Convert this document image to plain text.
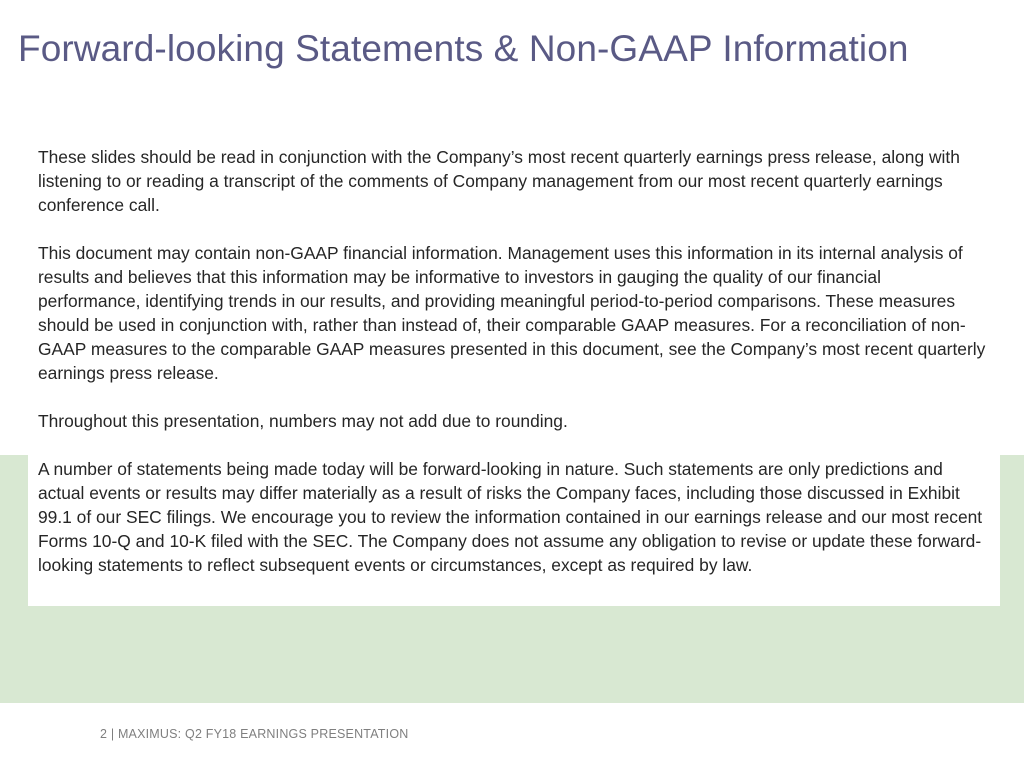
Forward-looking Statements & Non-GAAP Information

These slides should be read in conjunction with the Company’s most recent quarterly earnings press release, along with listening to or reading a transcript of the comments of Company management from our most recent quarterly earnings conference call.

This document may contain non-GAAP financial information. Management uses this information in its internal analysis of results and believes that this information may be informative to investors in gauging the quality of our financial performance, identifying trends in our results, and providing meaningful period-to-period comparisons. These measures should be used in conjunction with, rather than instead of, their comparable GAAP measures. For a reconciliation of non-GAAP measures to the comparable GAAP measures presented in this document, see the Company’s most recent quarterly earnings press release.

Throughout this presentation, numbers may not add due to rounding.

A number of statements being made today will be forward-looking in nature. Such statements are only predictions and actual events or results may differ materially as a result of risks the Company faces, including those discussed in Exhibit 99.1 of our SEC filings. We encourage you to review the information contained in our earnings release and our most recent Forms 10-Q and 10-K filed with the SEC. The Company does not assume any obligation to revise or update these forward-looking statements to reflect subsequent events or circumstances, except as required by law.

2 | MAXIMUS: Q2 FY18 EARNINGS PRESENTATION
